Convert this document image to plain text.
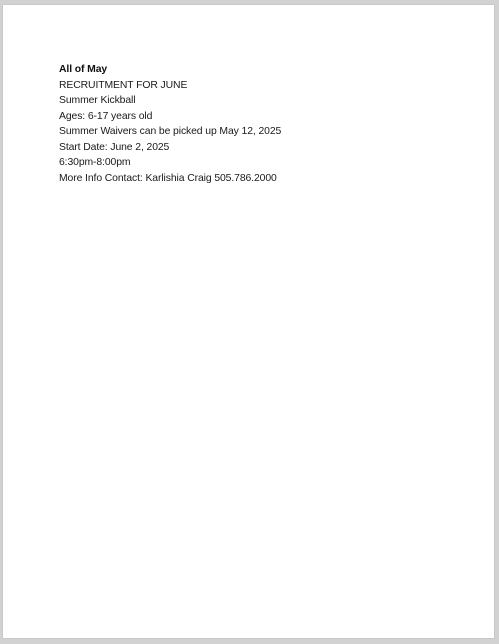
All of May
RECRUITMENT FOR JUNE
Summer Kickball
Ages: 6-17 years old
Summer Waivers can be picked up May 12, 2025
Start Date: June 2, 2025
6:30pm-8:00pm
More Info Contact: Karlishia Craig 505.786.2000
